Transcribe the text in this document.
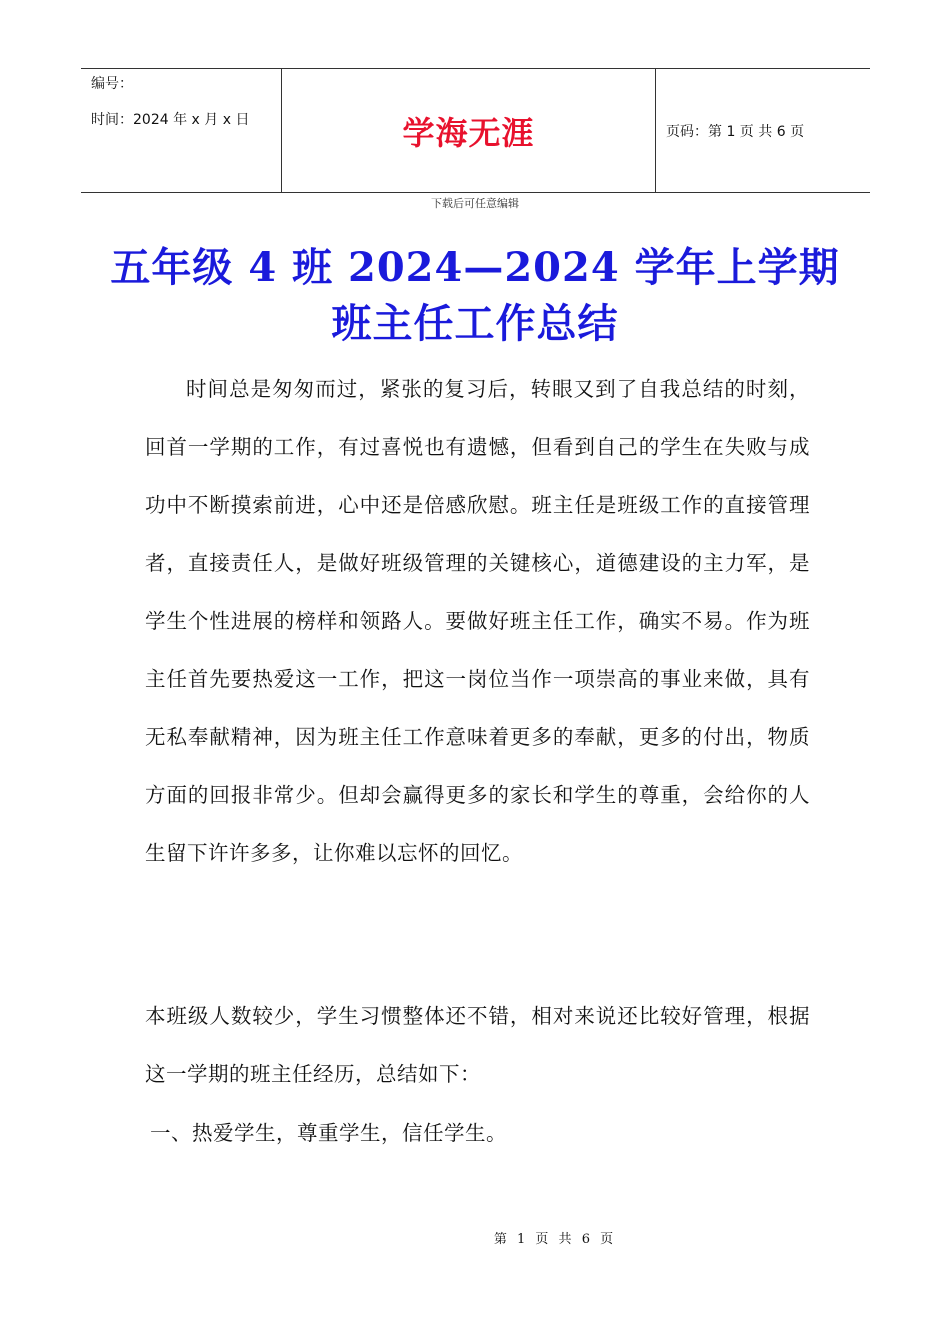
编号：
时间：2024 年 x 月 x 日	学海无涯	页码：第 1 页 共 6 页
下载后可任意编辑
五年级 4 班 2024—2024 学年上学期
班主任工作总结

时间总是匆匆而过，紧张的复习后，转眼又到了自我总结的时刻，回首一学期的工作，有过喜悦也有遗憾，但看到自己的学生在失败与成功中不断摸索前进，心中还是倍感欣慰。班主任是班级工作的直接管理者，直接责任人，是做好班级管理的关键核心，道德建设的主力军，是学生个性进展的榜样和领路人。要做好班主任工作，确实不易。作为班主任首先要热爱这一工作，把这一岗位当作一项崇高的事业来做，具有无私奉献精神，因为班主任工作意味着更多的奉献，更多的付出，物质方面的回报非常少。但却会赢得更多的家长和学生的尊重，会给你的人生留下许许多多，让你难以忘怀的回忆。

本班级人数较少，学生习惯整体还不错，相对来说还比较好管理，根据这一学期的班主任经历，总结如下：

一、热爱学生，尊重学生，信任学生。

第 1 页 共 6 页
